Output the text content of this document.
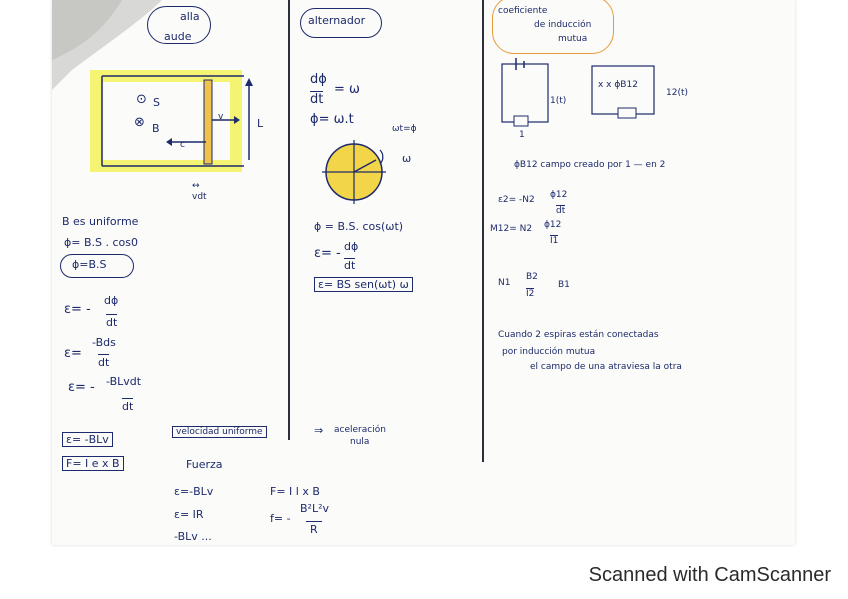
alla
aude
⊙ S
⊗ B
v	L
c
↔
vdt
B es uniforme
ϕ= B.S . cos0
ϕ=B.S
ε= -
dϕ
dt
ε=
-Bds
dt
ε= - -BLvdt
dt
ε= -BLv
F= I e x B
alternador
dϕ
dt
= ω
ϕ= ω.t
ωt=ϕ
ω
ϕ = B.S. cos(ωt)
ε= - dϕ
dt
ε= BS sen(ωt) ω
velocidad uniforme	⇒ aceleración
nula
Fuerza
ε=-BLv
ε= IR
-BLv ...
F= I l x B
f= -
B²L²v
R
coeficiente
de inducción
mutua
1(t)
1
x x ϕB12
12(t)
ϕB12 campo creado por 1 — en 2
ε2= -N2 ϕ12
dt
M12= N2 ϕ12
I1
N1
B2
I2
B1
Cuando 2 espiras están conectadas
por inducción mutua
el campo de una atraviesa la otra
Scanned with CamScanner
